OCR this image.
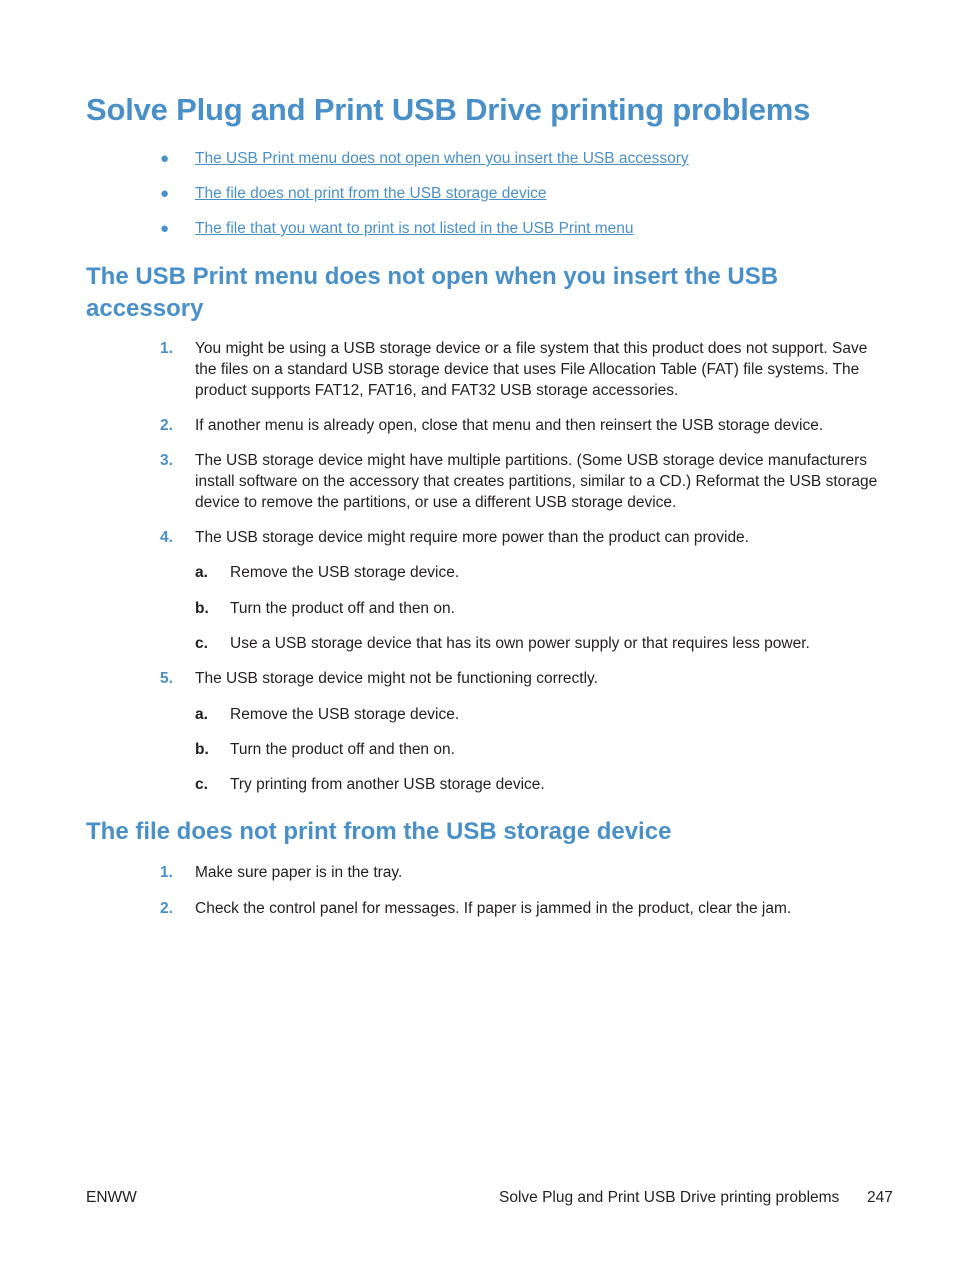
Solve Plug and Print USB Drive printing problems
● The USB Print menu does not open when you insert the USB accessory
● The file does not print from the USB storage device
● The file that you want to print is not listed in the USB Print menu
The USB Print menu does not open when you insert the USB
accessory
1. You might be using a USB storage device or a file system that this product does not support. Save
the files on a standard USB storage device that uses File Allocation Table (FAT) file systems. The
product supports FAT12, FAT16, and FAT32 USB storage accessories.
2. If another menu is already open, close that menu and then reinsert the USB storage device.
3. The USB storage device might have multiple partitions. (Some USB storage device manufacturers
install software on the accessory that creates partitions, similar to a CD.) Reformat the USB storage
device to remove the partitions, or use a different USB storage device.
4. The USB storage device might require more power than the product can provide.
a. Remove the USB storage device.
b. Turn the product off and then on.
c. Use a USB storage device that has its own power supply or that requires less power.
5. The USB storage device might not be functioning correctly.
a. Remove the USB storage device.
b. Turn the product off and then on.
c. Try printing from another USB storage device.
The file does not print from the USB storage device
1. Make sure paper is in the tray.
2. Check the control panel for messages. If paper is jammed in the product, clear the jam.
ENWW	Solve Plug and Print USB Drive printing problems 247
